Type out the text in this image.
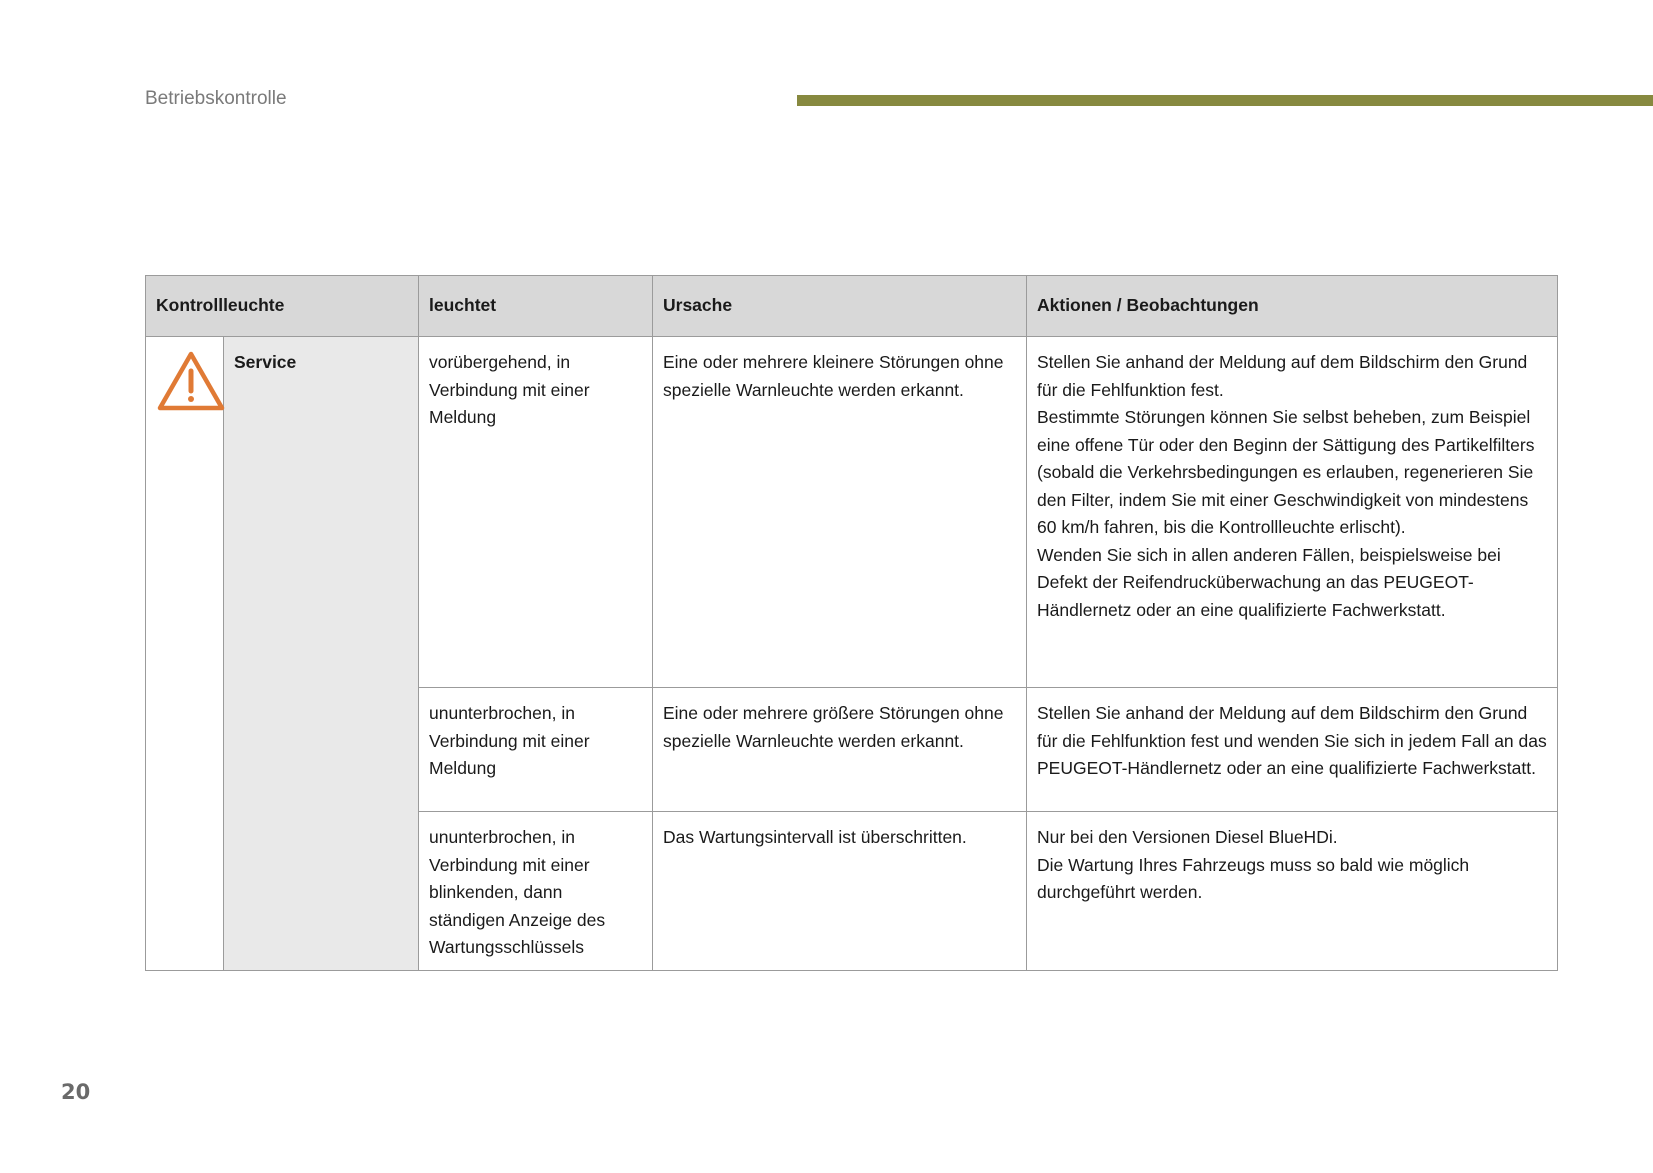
Betriebskontrolle
Kontrollleuchte		leuchtet	Ursache	Aktionen / Beobachtungen

	Service	vorübergehend, in Verbindung mit einer Meldung	Eine oder mehrere kleinere Störungen ohne spezielle Warnleuchte werden erkannt.	Stellen Sie anhand der Meldung auf dem Bildschirm den Grund für die Fehlfunktion fest.
Bestimmte Störungen können Sie selbst beheben, zum Beispiel eine offene Tür oder den Beginn der Sättigung des Partikelfilters (sobald die Verkehrsbedingungen es erlauben, regenerieren Sie den Filter, indem Sie mit einer Geschwindigkeit von mindestens 60 km/h fahren, bis die Kontrollleuchte erlischt).
Wenden Sie sich in allen anderen Fällen, beispielsweise bei Defekt der Reifendrucküberwachung an das PEUGEOT-Händlernetz oder an eine qualifizierte Fachwerkstatt.

		ununterbrochen, in Verbindung mit einer Meldung	Eine oder mehrere größere Störungen ohne spezielle Warnleuchte werden erkannt.	Stellen Sie anhand der Meldung auf dem Bildschirm den Grund für die Fehlfunktion fest und wenden Sie sich in jedem Fall an das PEUGEOT-Händlernetz oder an eine qualifizierte Fachwerkstatt.

		ununterbrochen, in Verbindung mit einer blinkenden, dann ständigen Anzeige des Wartungsschlüssels	Das Wartungsintervall ist überschritten.	Nur bei den Versionen Diesel BlueHDi.
Die Wartung Ihres Fahrzeugs muss so bald wie möglich durchgeführt werden.
20
